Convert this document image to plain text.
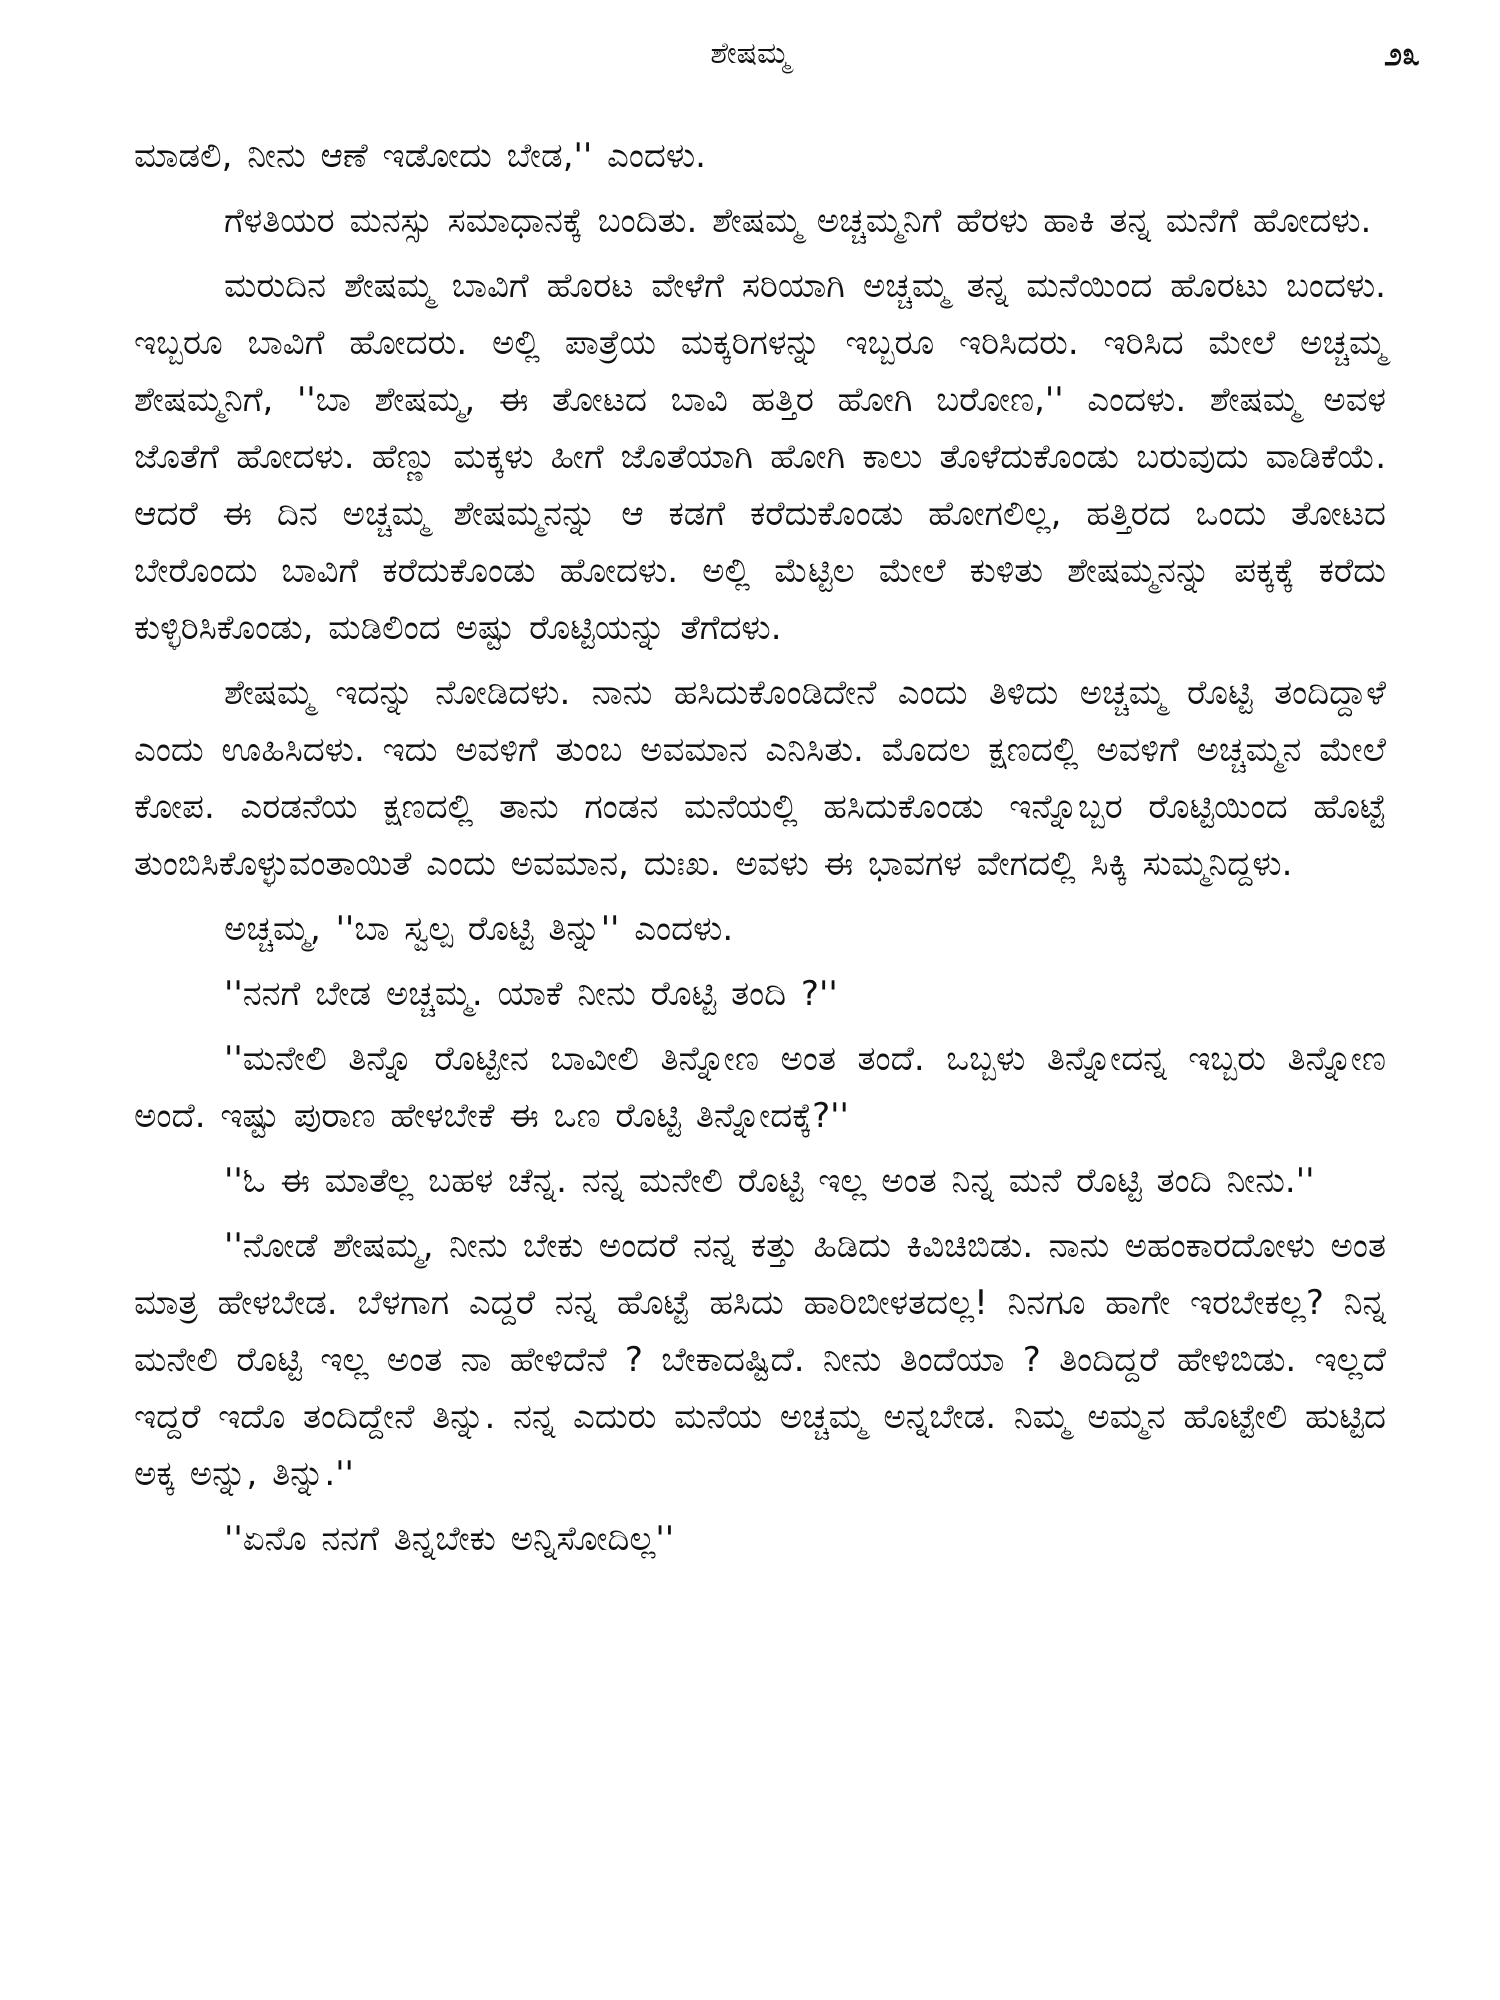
ಶೇಷಮ್ಮ	೨೩

ಮಾಡಲಿ, ನೀನು ಆಣೆ ಇಡೋದು ಬೇಡ,'' ಎಂದಳು.

ಗೆಳತಿಯರ ಮನಸ್ಸು ಸಮಾಧಾನಕ್ಕೆ ಬಂದಿತು. ಶೇಷಮ್ಮ ಅಚ್ಚಮ್ಮನಿಗೆ ಹೆರಳು ಹಾಕಿ ತನ್ನ ಮನೆಗೆ ಹೋದಳು.

ಮರುದಿನ ಶೇಷಮ್ಮ ಬಾವಿಗೆ ಹೊರಟ ವೇಳೆಗೆ ಸರಿಯಾಗಿ ಅಚ್ಚಮ್ಮ ತನ್ನ ಮನೆಯಿಂದ ಹೊರಟು ಬಂದಳು. ಇಬ್ಬರೂ ಬಾವಿಗೆ ಹೋದರು. ಅಲ್ಲಿ ಪಾತ್ರೆಯ ಮಕ್ಕರಿಗಳನ್ನು ಇಬ್ಬರೂ ಇರಿಸಿದರು. ಇರಿಸಿದ ಮೇಲೆ ಅಚ್ಚಮ್ಮ ಶೇಷಮ್ಮನಿಗೆ, ''ಬಾ ಶೇಷಮ್ಮ, ಈ ತೋಟದ ಬಾವಿ ಹತ್ತಿರ ಹೋಗಿ ಬರೋಣ,'' ಎಂದಳು. ಶೇಷಮ್ಮ ಅವಳ ಜೊತೆಗೆ ಹೋದಳು. ಹೆಣ್ಣು ಮಕ್ಕಳು ಹೀಗೆ ಜೊತೆಯಾಗಿ ಹೋಗಿ ಕಾಲು ತೊಳೆದುಕೊಂಡು ಬರುವುದು ವಾಡಿಕೆಯೆ. ಆದರೆ ಈ ದಿನ ಅಚ್ಚಮ್ಮ ಶೇಷಮ್ಮನನ್ನು ಆ ಕಡಗೆ ಕರೆದುಕೊಂಡು ಹೋಗಲಿಲ್ಲ, ಹತ್ತಿರದ ಒಂದು ತೋಟದ ಬೇರೊಂದು ಬಾವಿಗೆ ಕರೆದುಕೊಂಡು ಹೋದಳು. ಅಲ್ಲಿ ಮೆಟ್ಟಿಲ ಮೇಲೆ ಕುಳಿತು ಶೇಷಮ್ಮನನ್ನು ಪಕ್ಕಕ್ಕೆ ಕರೆದು ಕುಳ್ಳಿರಿಸಿಕೊಂಡು, ಮಡಿಲಿಂದ ಅಷ್ಟು ರೊಟ್ಟಿಯನ್ನು ತೆಗೆದಳು.

ಶೇಷಮ್ಮ ಇದನ್ನು ನೋಡಿದಳು. ನಾನು ಹಸಿದುಕೊಂಡಿದೇನೆ ಎಂದು ತಿಳಿದು ಅಚ್ಚಮ್ಮ ರೊಟ್ಟಿ ತಂದಿದ್ದಾಳೆ ಎಂದು ಊಹಿಸಿದಳು. ಇದು ಅವಳಿಗೆ ತುಂಬ ಅವಮಾನ ಎನಿಸಿತು. ಮೊದಲ ಕ್ಷಣದಲ್ಲಿ ಅವಳಿಗೆ ಅಚ್ಚಮ್ಮನ ಮೇಲೆ ಕೋಪ. ಎರಡನೆಯ ಕ್ಷಣದಲ್ಲಿ ತಾನು ಗಂಡನ ಮನೆಯಲ್ಲಿ ಹಸಿದುಕೊಂಡು ಇನ್ನೊಬ್ಬರ ರೊಟ್ಟಿಯಿಂದ ಹೊಟ್ಟೆ ತುಂಬಿಸಿಕೊಳ್ಳುವಂತಾಯಿತೆ ಎಂದು ಅವಮಾನ, ದುಃಖ. ಅವಳು ಈ ಭಾವಗಳ ವೇಗದಲ್ಲಿ ಸಿಕ್ಕಿ ಸುಮ್ಮನಿದ್ದಳು.

ಅಚ್ಚಮ್ಮ, ''ಬಾ ಸ್ವಲ್ಪ ರೊಟ್ಟಿ ತಿನ್ನು'' ಎಂದಳು.

''ನನಗೆ ಬೇಡ ಅಚ್ಚಮ್ಮ. ಯಾಕೆ ನೀನು ರೊಟ್ಟಿ ತಂದಿ ?''

''ಮನೇಲಿ ತಿನ್ನೊ ರೊಟ್ಟೀನ ಬಾವೀಲಿ ತಿನ್ನೋಣ ಅಂತ ತಂದೆ. ಒಬ್ಬಳು ತಿನ್ನೋದನ್ನ ಇಬ್ಬರು ತಿನ್ನೋಣ ಅಂದೆ. ಇಷ್ಟು ಪುರಾಣ ಹೇಳಬೇಕೆ ಈ ಒಣ ರೊಟ್ಟಿ ತಿನ್ನೋದಕ್ಕೆ?''

''ಓ ಈ ಮಾತೆಲ್ಲ ಬಹಳ ಚೆನ್ನ. ನನ್ನ ಮನೇಲಿ ರೊಟ್ಟಿ ಇಲ್ಲ ಅಂತ ನಿನ್ನ ಮನೆ ರೊಟ್ಟಿ ತಂದಿ ನೀನು.''

''ನೋಡೆ ಶೇಷಮ್ಮ, ನೀನು ಬೇಕು ಅಂದರೆ ನನ್ನ ಕತ್ತು ಹಿಡಿದು ಕಿವಿಚಿಬಿಡು. ನಾನು ಅಹಂಕಾರದೋಳು ಅಂತ ಮಾತ್ರ ಹೇಳಬೇಡ. ಬೆಳಗಾಗ ಎದ್ದರೆ ನನ್ನ ಹೊಟ್ಟೆ ಹಸಿದು ಹಾರಿಬೀಳತದಲ್ಲ! ನಿನಗೂ ಹಾಗೇ ಇರಬೇಕಲ್ಲ? ನಿನ್ನ ಮನೇಲಿ ರೊಟ್ಟಿ ಇಲ್ಲ ಅಂತ ನಾ ಹೇಳಿದೆನೆ ? ಬೇಕಾದಷ್ಟಿದೆ. ನೀನು ತಿಂದೆಯಾ ? ತಿಂದಿದ್ದರೆ ಹೇಳಿಬಿಡು. ಇಲ್ಲದೆ ಇದ್ದರೆ ಇದೊ ತಂದಿದ್ದೇನೆ ತಿನ್ನು. ನನ್ನ ಎದುರು ಮನೆಯ ಅಚ್ಚಮ್ಮ ಅನ್ನಬೇಡ. ನಿಮ್ಮ ಅಮ್ಮನ ಹೊಟ್ಟೇಲಿ ಹುಟ್ಟಿದ ಅಕ್ಕ ಅನ್ನು, ತಿನ್ನು.''

''ಏನೊ ನನಗೆ ತಿನ್ನಬೇಕು ಅನ್ನಿಸೋದಿಲ್ಲ''
